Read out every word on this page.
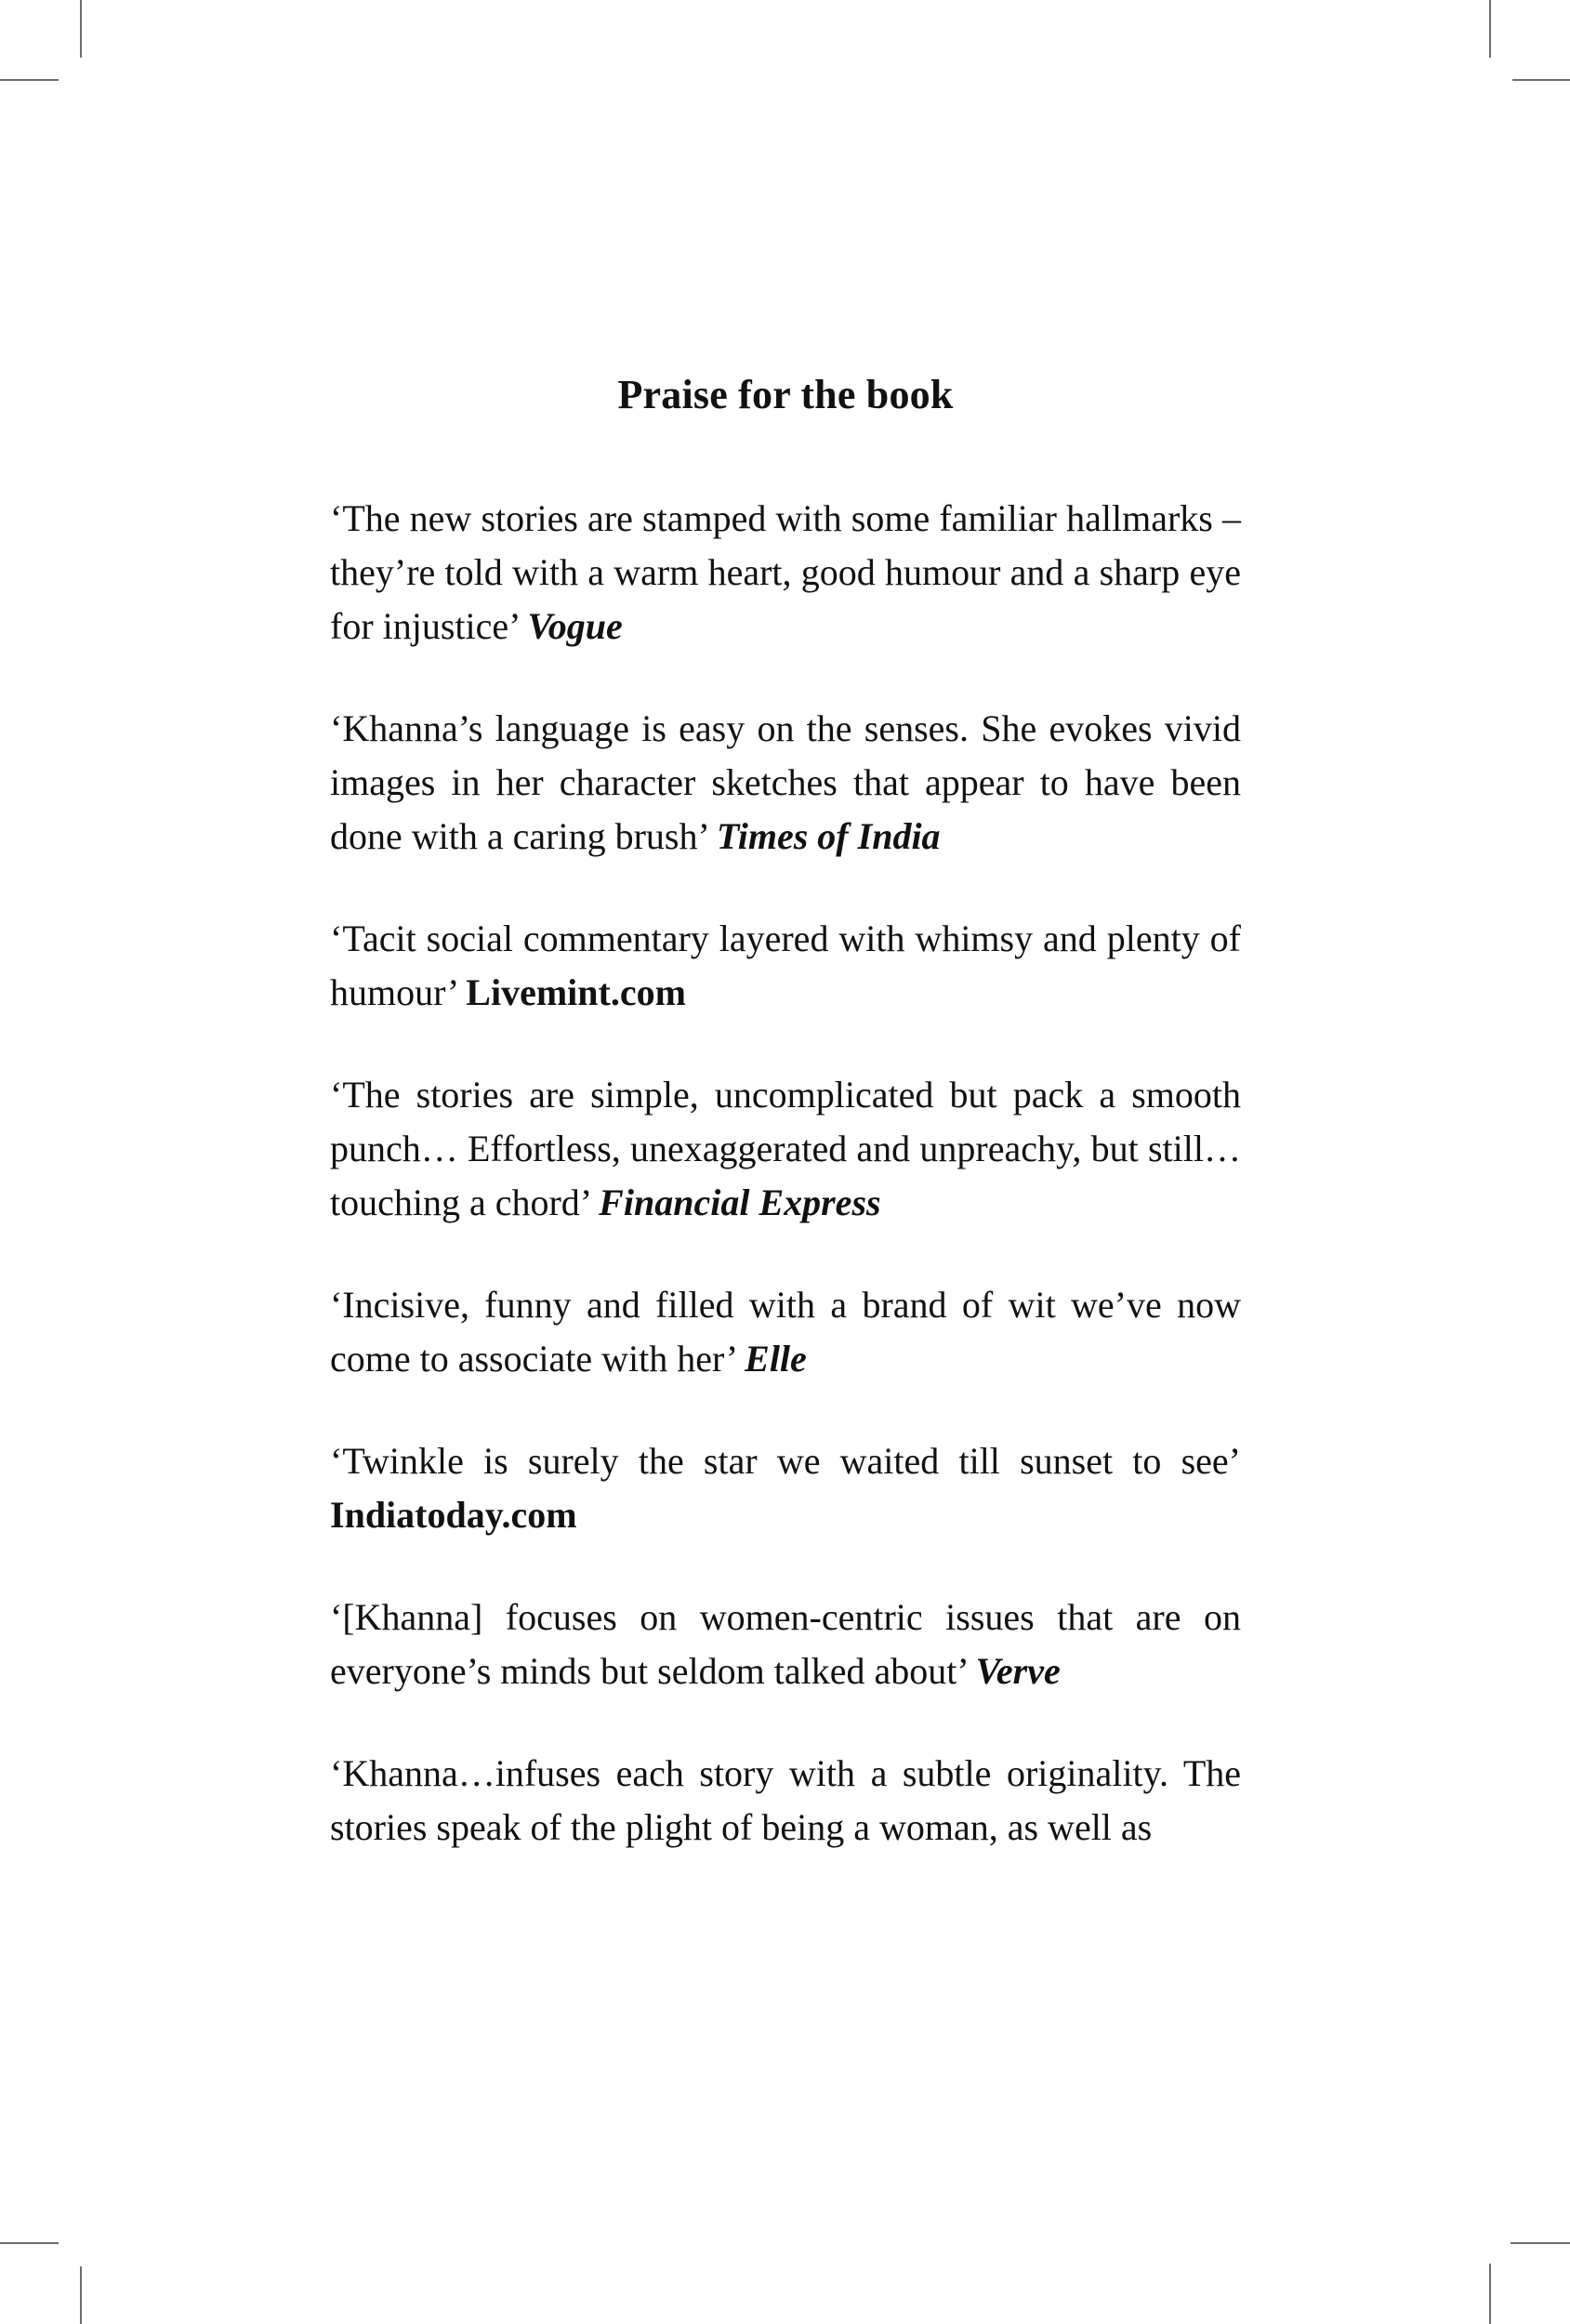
Praise for the book

‘The new stories are stamped with some familiar hallmarks – they’re told with a warm heart, good humour and a sharp eye for injustice’ Vogue

‘Khanna’s language is easy on the senses. She evokes vivid images in her character sketches that appear to have been done with a caring brush’ Times of India

‘Tacit social commentary layered with whimsy and plenty of humour’ Livemint.com

‘The stories are simple, uncomplicated but pack a smooth punch… Effortless, unexaggerated and unpreachy, but still… touching a chord’ Financial Express

‘Incisive, funny and filled with a brand of wit we’ve now come to associate with her’ Elle

‘Twinkle is surely the star we waited till sunset to see’ Indiatoday.com

‘[Khanna] focuses on women-centric issues that are on everyone’s minds but seldom talked about’ Verve

‘Khanna…infuses each story with a subtle originality. The stories speak of the plight of being a woman, as well as
